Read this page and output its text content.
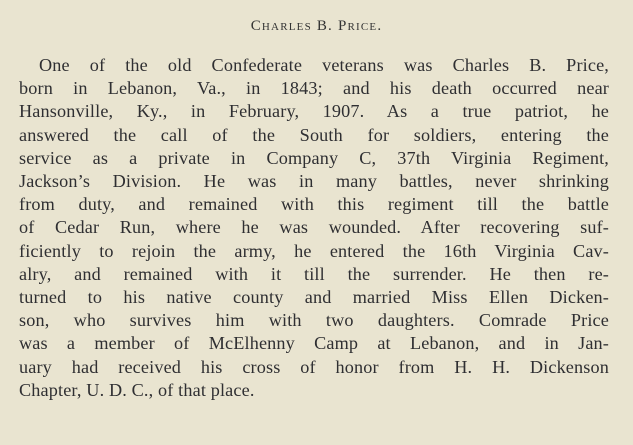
Charles B. Price.
One of the old Confederate veterans was Charles B. Price,
born in Lebanon, Va., in 1843; and his death occurred near
Hansonville, Ky., in February, 1907. As a true patriot, he
answered the call of the South for soldiers, entering the
service as a private in Company C, 37th Virginia Regiment,
Jackson’s Division. He was in many battles, never shrinking
from duty, and remained with this regiment till the battle
of Cedar Run, where he was wounded. After recovering suf-
ficiently to rejoin the army, he entered the 16th Virginia Cav-
alry, and remained with it till the surrender. He then re-
turned to his native county and married Miss Ellen Dicken-
son, who survives him with two daughters. Comrade Price
was a member of McElhenny Camp at Lebanon, and in Jan-
uary had received his cross of honor from H. H. Dickenson
Chapter, U. D. C., of that place.
